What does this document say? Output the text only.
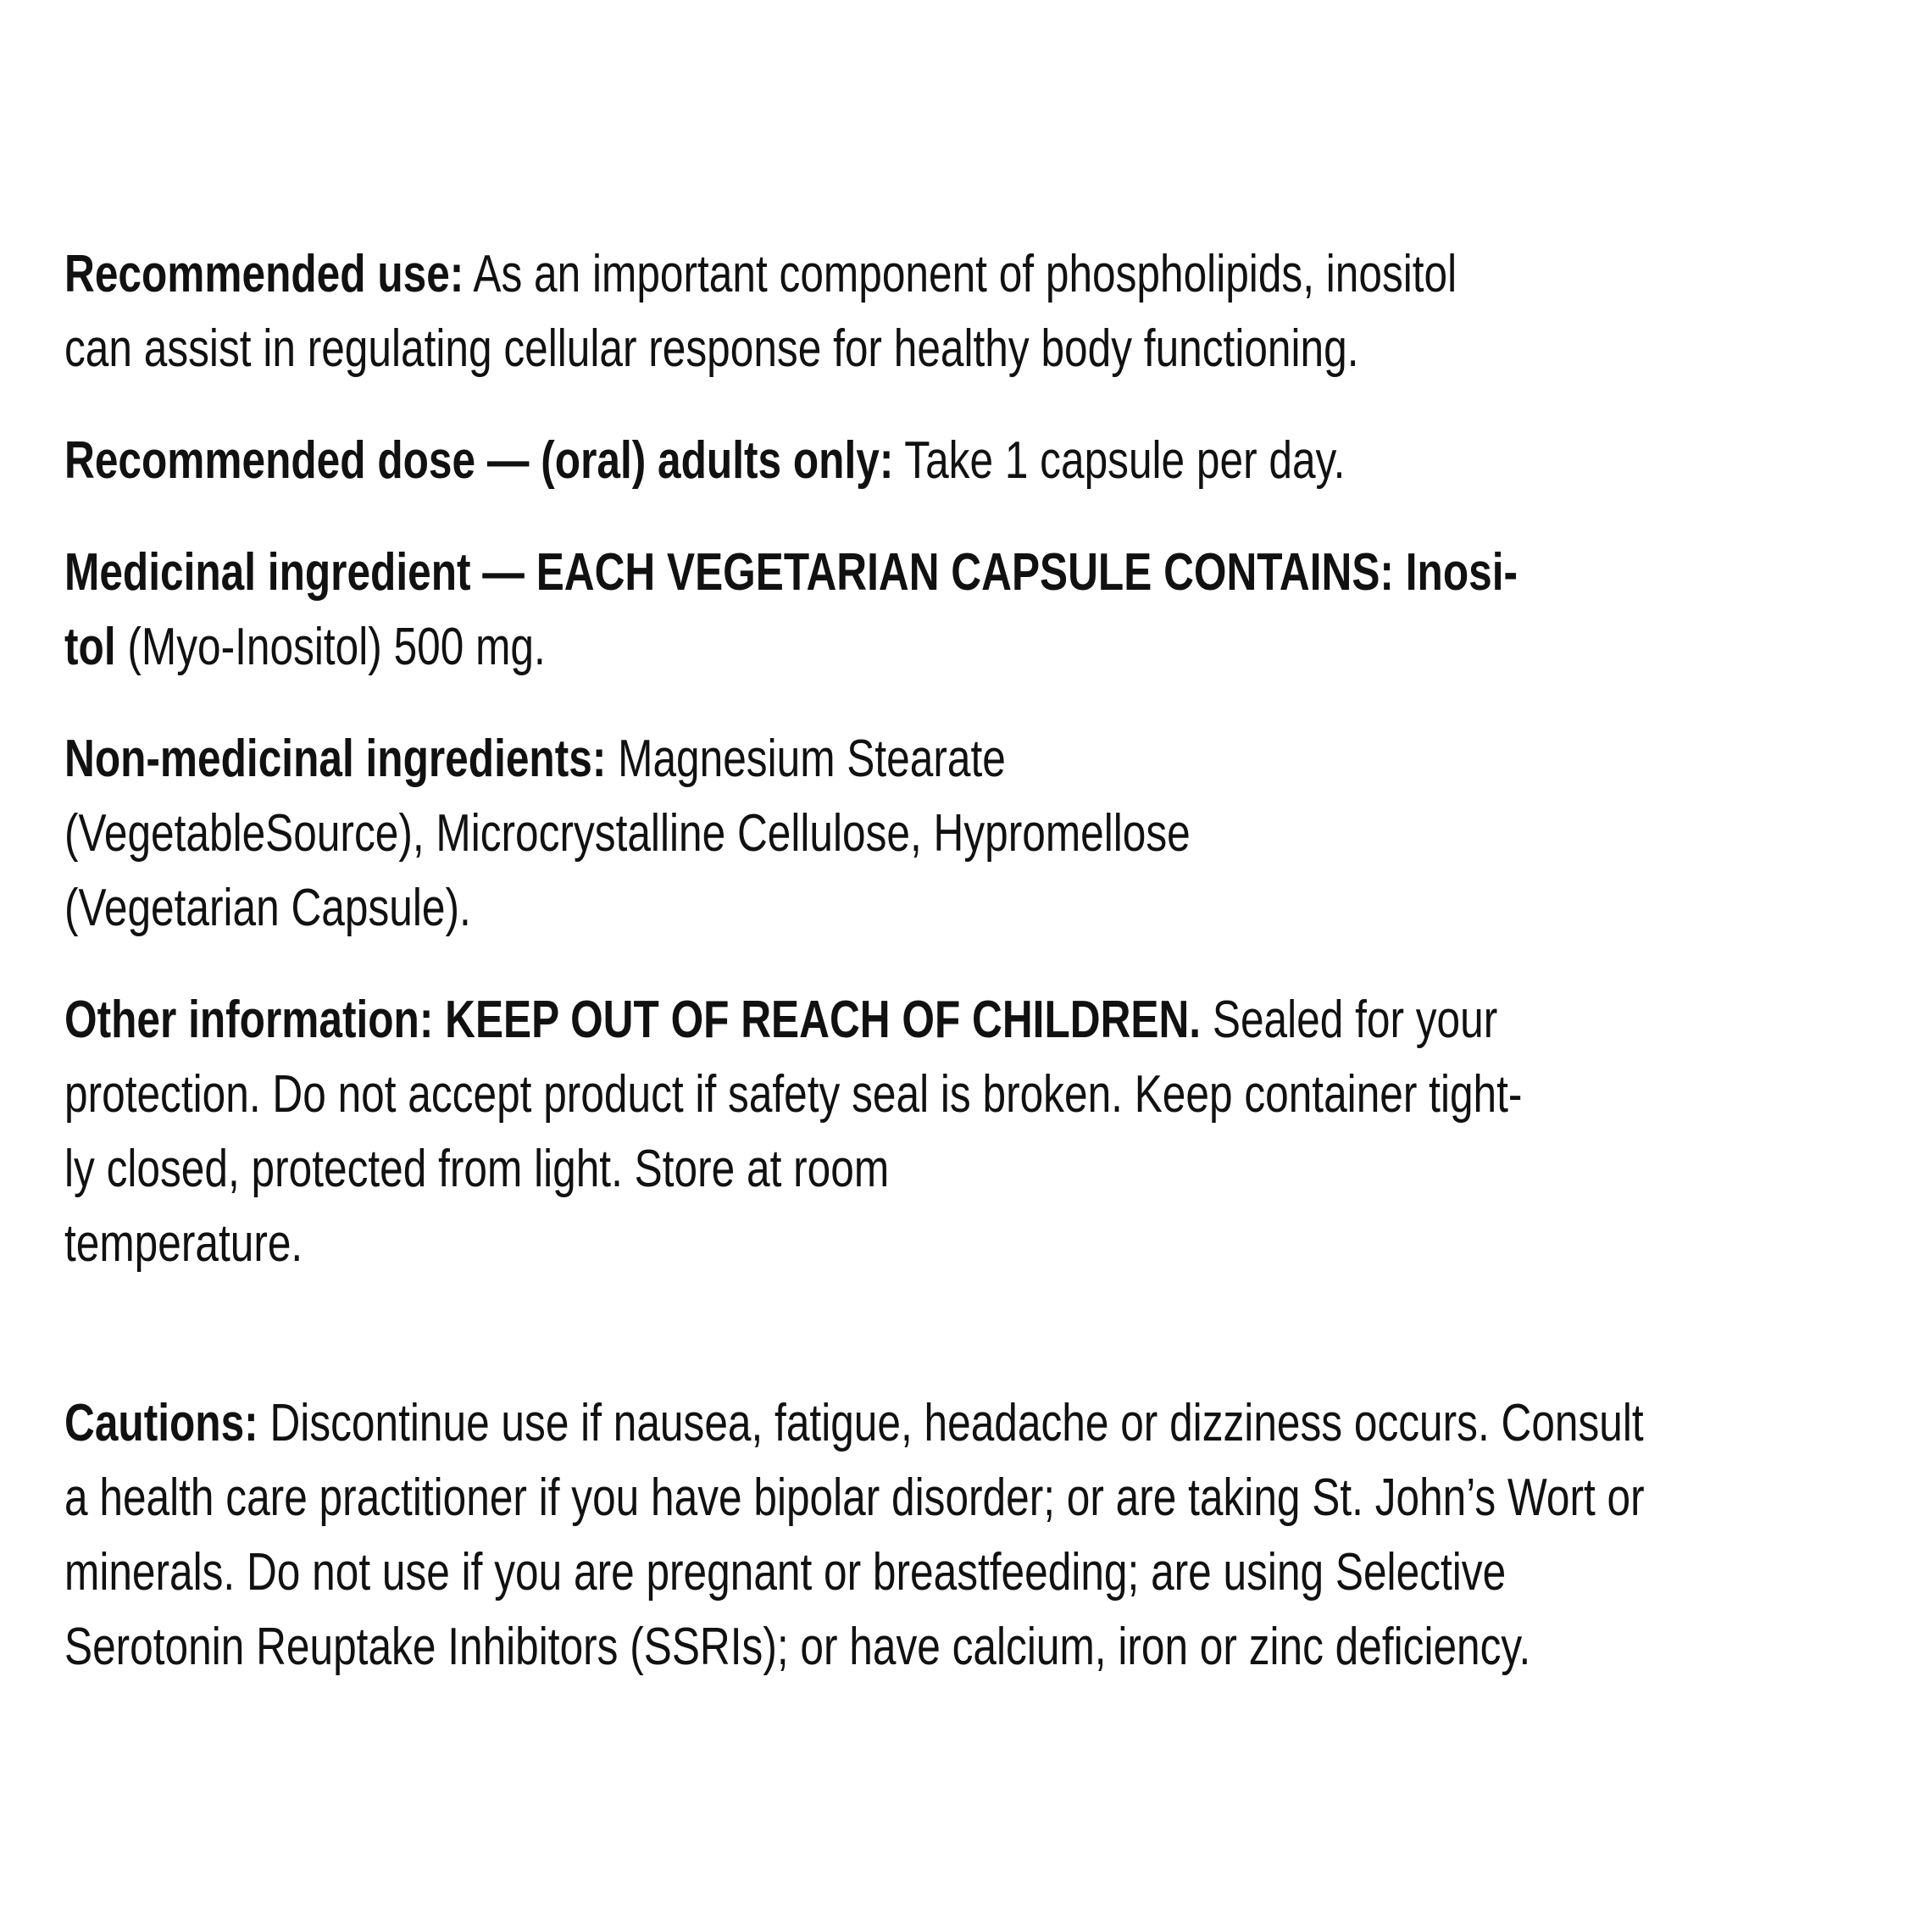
Recommended use: As an important component of phospholipids, inositol
can assist in regulating cellular response for healthy body functioning.

Recommended dose — (oral) adults only: Take 1 capsule per day.

Medicinal ingredient — EACH VEGETARIAN CAPSULE CONTAINS: Inosi-
tol (Myo-Inositol) 500 mg.

Non-medicinal ingredients: Magnesium Stearate
(VegetableSource), Microcrystalline Cellulose, Hypromellose
(Vegetarian Capsule).

Other information: KEEP OUT OF REACH OF CHILDREN. Sealed for your
protection. Do not accept product if safety seal is broken. Keep container tight-
ly closed, protected from light. Store at room
temperature.

Cautions: Discontinue use if nausea, fatigue, headache or dizziness occurs. Consult
a health care practitioner if you have bipolar disorder; or are taking St. John’s Wort or
minerals. Do not use if you are pregnant or breastfeeding; are using Selective
Serotonin Reuptake Inhibitors (SSRIs); or have calcium, iron or zinc deficiency.
